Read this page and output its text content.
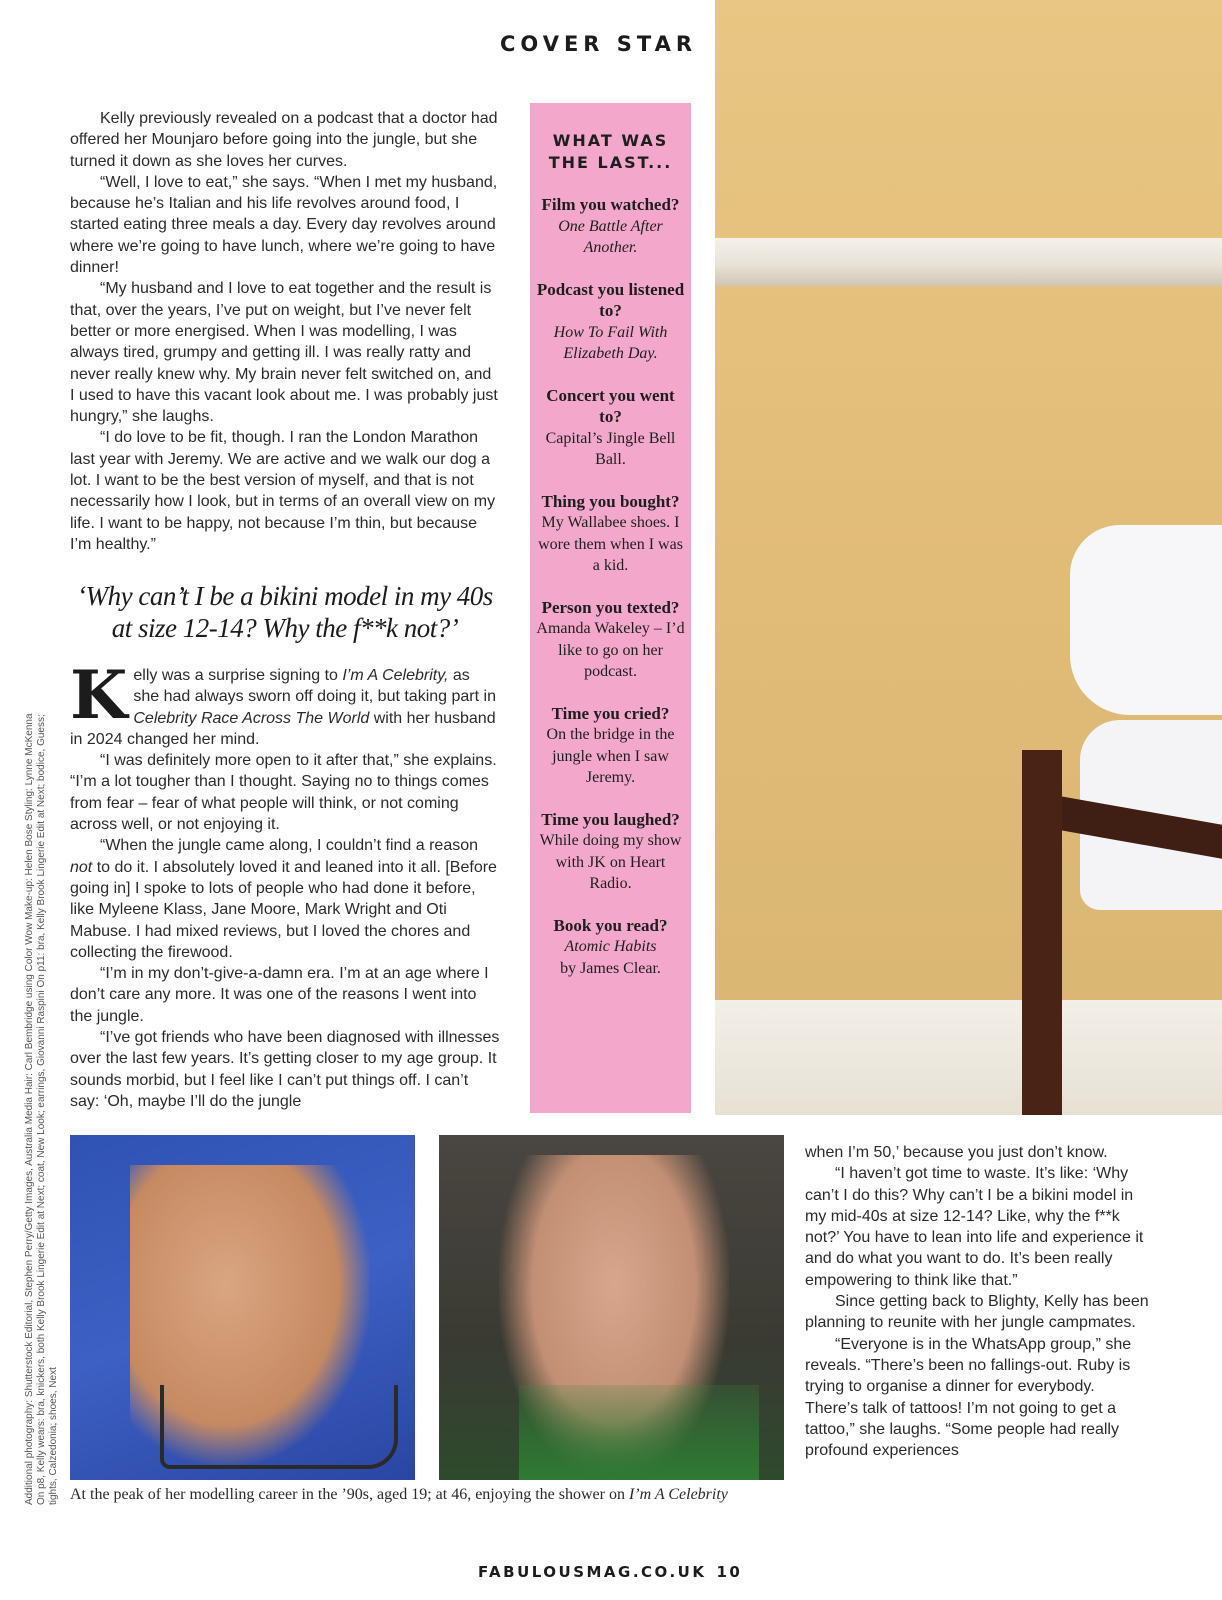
COVER STAR

Kelly previously revealed on a podcast that a doctor had offered her Mounjaro before going into the jungle, but she turned it down as she loves her curves.

“Well, I love to eat,” she says. “When I met my husband, because he’s Italian and his life revolves around food, I started eating three meals a day. Every day revolves around where we’re going to have lunch, where we’re going to have dinner!

“My husband and I love to eat together and the result is that, over the years, I’ve put on weight, but I’ve never felt better or more energised. When I was modelling, I was always tired, grumpy and getting ill. I was really ratty and never really knew why. My brain never felt switched on, and I used to have this vacant look about me. I was probably just hungry,” she laughs.

“I do love to be fit, though. I ran the London Marathon last year with Jeremy. We are active and we walk our dog a lot. I want to be the best version of myself, and that is not necessarily how I look, but in terms of an overall view on my life. I want to be happy, not because I’m thin, but because I’m healthy.”

‘Why can’t I be a bikini model in my 40s at size 12-14? Why the f**k not?’

Kelly was a surprise signing to I’m A Celebrity, as she had always sworn off doing it, but taking part in Celebrity Race Across The World with her husband in 2024 changed her mind.

“I was definitely more open to it after that,” she explains. “I’m a lot tougher than I thought. Saying no to things comes from fear – fear of what people will think, or not coming across well, or not enjoying it.

“When the jungle came along, I couldn’t find a reason not to do it. I absolutely loved it and leaned into it all. [Before going in] I spoke to lots of people who had done it before, like Myleene Klass, Jane Moore, Mark Wright and Oti Mabuse. I had mixed reviews, but I loved the chores and collecting the firewood.

“I’m in my don’t-give-a-damn era. I’m at an age where I don’t care any more. It was one of the reasons I went into the jungle.

“I’ve got friends who have been diagnosed with illnesses over the last few years. It’s getting closer to my age group. It sounds morbid, but I feel like I can’t put things off. I can’t say: ‘Oh, maybe I’ll do the jungle

WHAT WAS THE LAST...
Film you watched?
One Battle After Another.
Podcast you listened to?
How To Fail With Elizabeth Day.
Concert you went to?
Capital’s Jingle Bell Ball.
Thing you bought?
My Wallabee shoes. I wore them when I was a kid.
Person you texted?
Amanda Wakeley – I’d like to go on her podcast.
Time you cried?
On the bridge in the jungle when I saw Jeremy.
Time you laughed?
While doing my show with JK on Heart Radio.
Book you read?
Atomic Habits
by James Clear.
At the peak of her modelling career in the ’90s, aged 19; at 46, enjoying the shower on I’m A Celebrity

when I’m 50,’ because you just don’t know.

“I haven’t got time to waste. It’s like: ‘Why can’t I do this? Why can’t I be a bikini model in my mid-40s at size 12-14? Like, why the f**k not?’ You have to lean into life and experience it and do what you want to do. It’s been really empowering to think like that.”

Since getting back to Blighty, Kelly has been planning to reunite with her jungle campmates.

“Everyone is in the WhatsApp group,” she reveals. “There’s been no fallings-out. Ruby is trying to organise a dinner for everybody. There’s talk of tattoos! I’m not going to get a tattoo,” she laughs. “Some people had really profound experiences

Additional photography: Shutterstock Editorial, Stephen Perry/Getty Images, Australia Media Hair: Carl Bembridge using Color Wow Make-up: Helen Bose Styling: Lynne McKenna On p8, Kelly wears: bra, knickers, both Kelly Brook Lingerie Edit at Next; coat, New Look; earrings, Giovanni Raspini On p11: bra, Kelly Brook Lingerie Edit at Next; bodice, Guess; tights, Calzedonia; shoes, Next
FABULOUSMAG.CO.UK 10
